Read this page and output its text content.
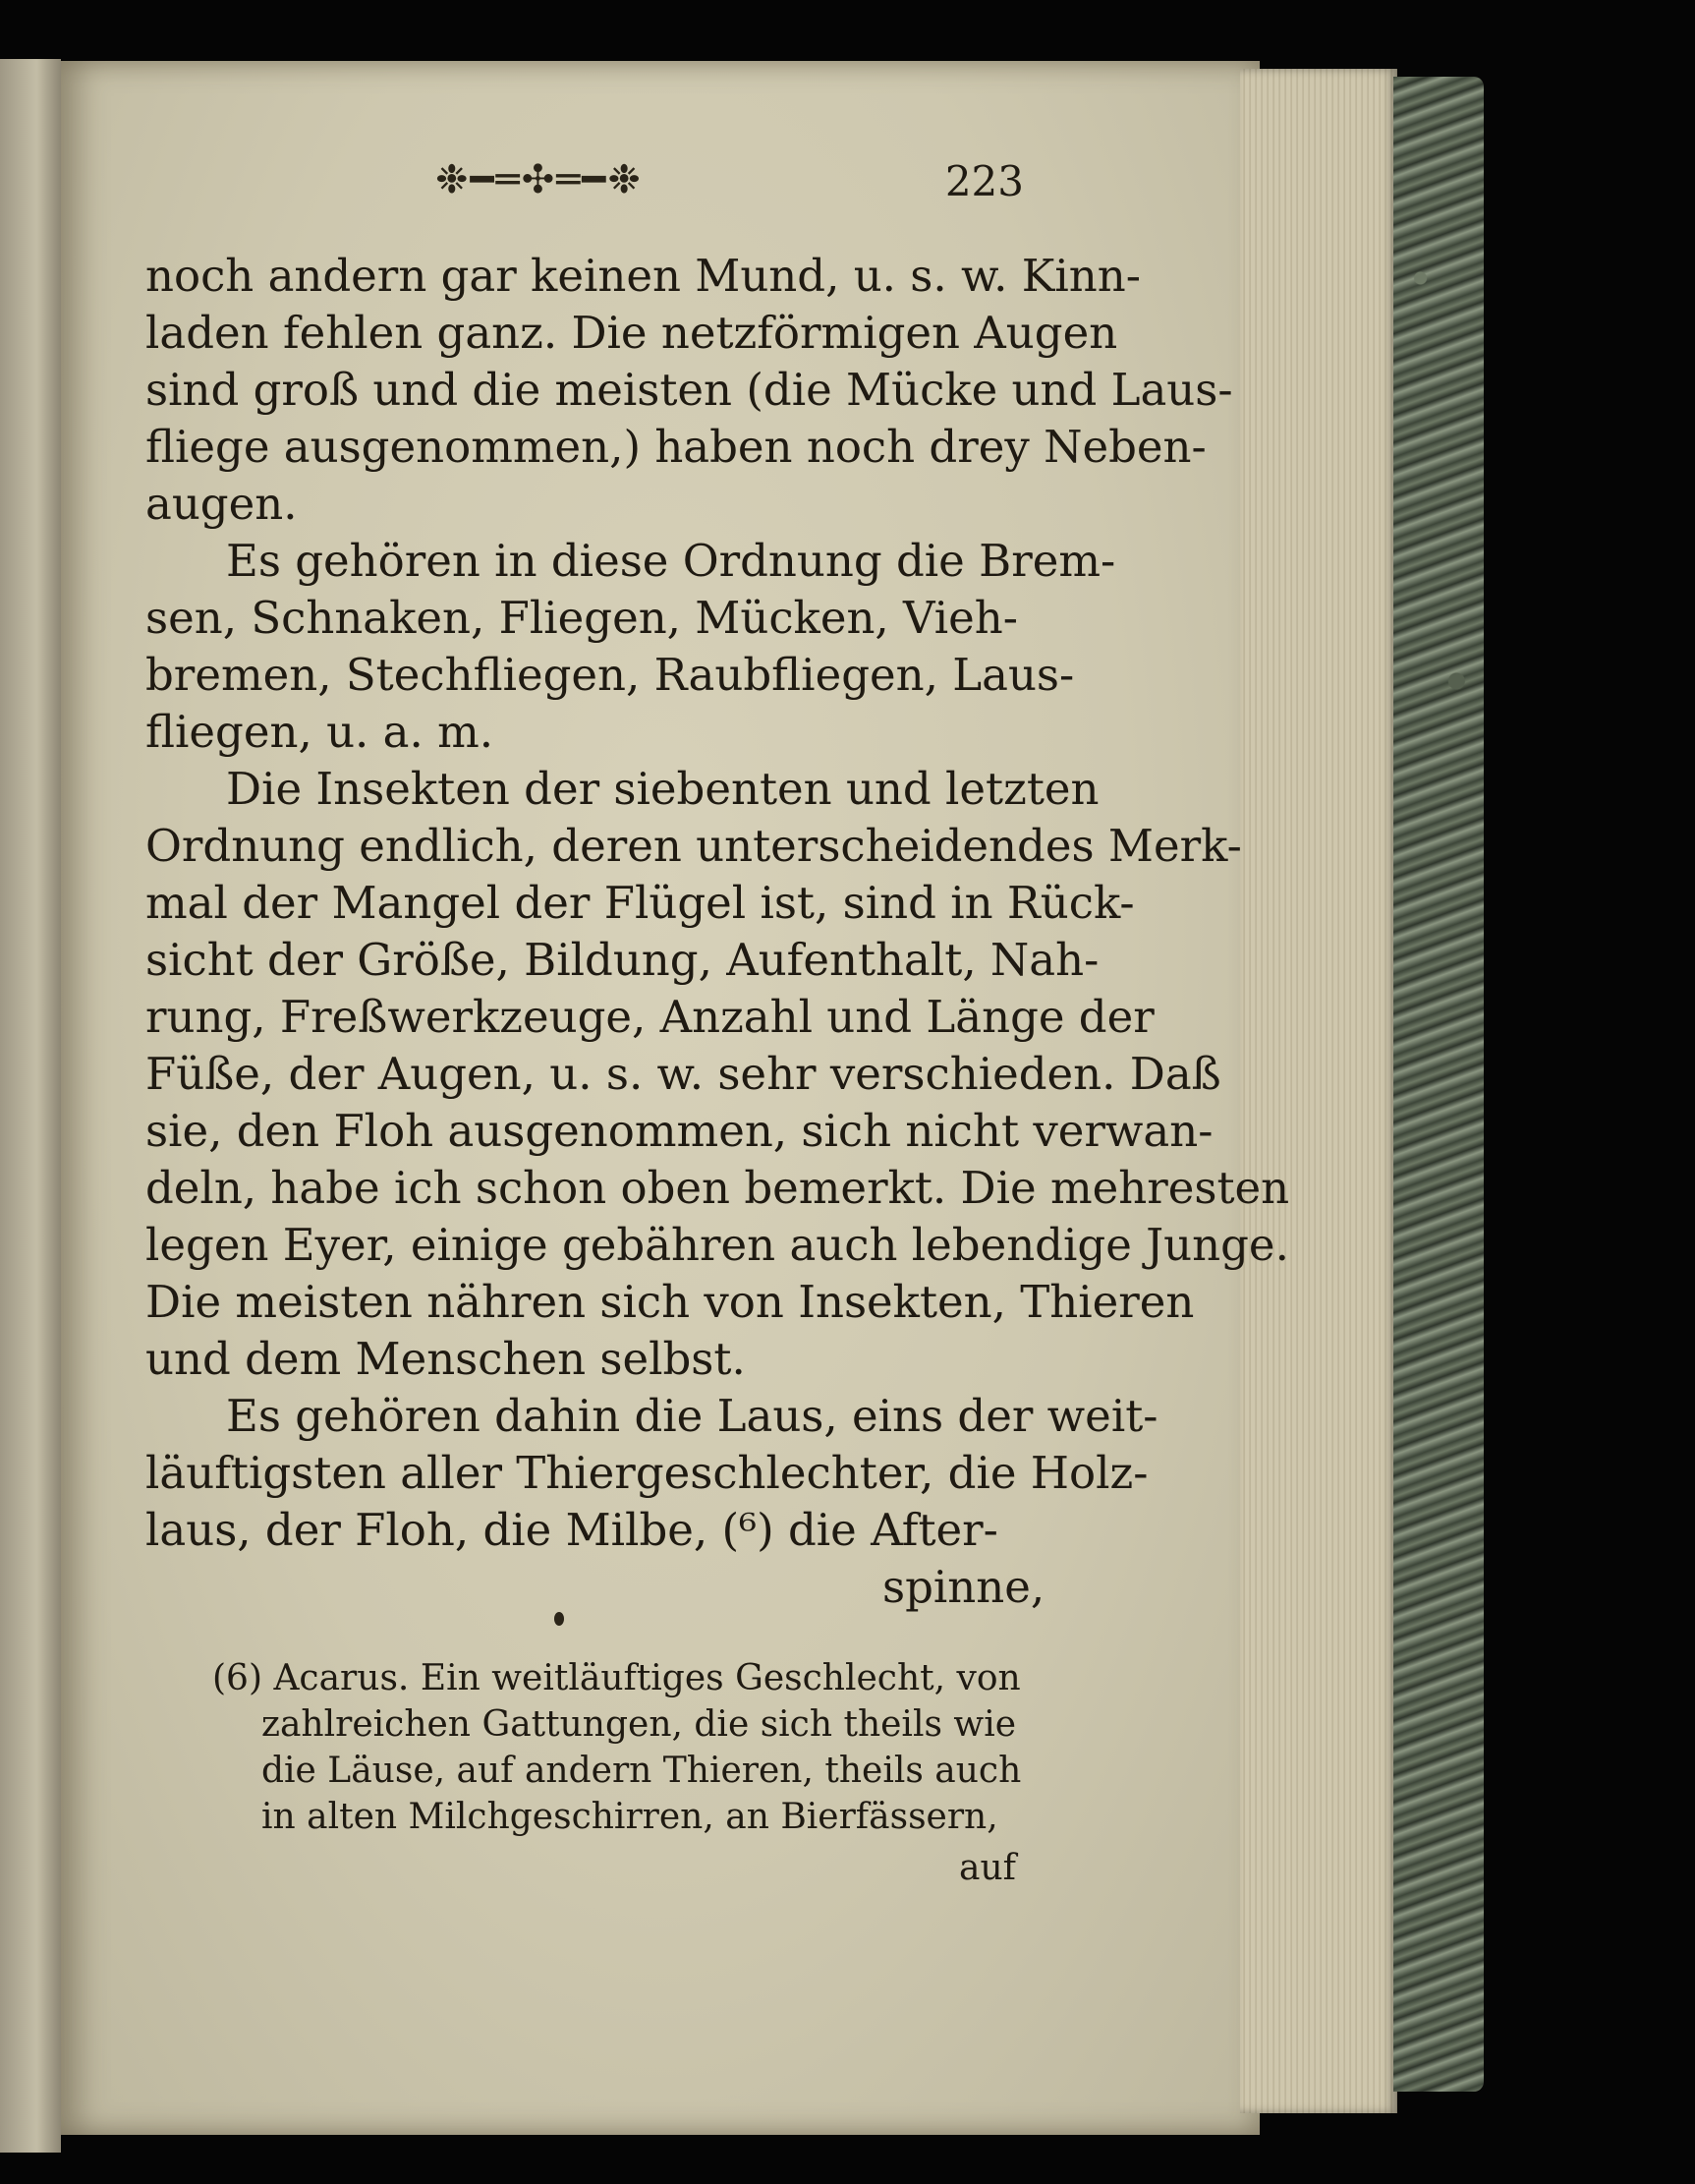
❉━═✣═━❉	223
noch andern gar keinen Mund, u. s. w. Kinn-
laden fehlen ganz. Die netzförmigen Augen
sind groß und die meisten (die Mücke und Laus-
fliege ausgenommen,) haben noch drey Neben-
augen.
Es gehören in diese Ordnung die Brem-
sen, Schnaken, Fliegen, Mücken, Vieh-
bremen, Stechfliegen, Raubfliegen, Laus-
fliegen, u. a. m.
Die Insekten der siebenten und letzten
Ordnung endlich, deren unterscheidendes Merk-
mal der Mangel der Flügel ist, sind in Rück-
sicht der Größe, Bildung, Aufenthalt, Nah-
rung, Freßwerkzeuge, Anzahl und Länge der
Füße, der Augen, u. s. w. sehr verschieden. Daß
sie, den Floh ausgenommen, sich nicht verwan-
deln, habe ich schon oben bemerkt. Die mehresten
legen Eyer, einige gebähren auch lebendige Junge.
Die meisten nähren sich von Insekten, Thieren
und dem Menschen selbst.
Es gehören dahin die Laus, eins der weit-
läuftigsten aller Thiergeschlechter, die Holz-
laus, der Floh, die Milbe, (⁶) die After-
spinne,
(6) Acarus. Ein weitläuftiges Geschlecht, von
zahlreichen Gattungen, die sich theils wie
die Läuse, auf andern Thieren, theils auch
in alten Milchgeschirren, an Bierfässern,
auf
